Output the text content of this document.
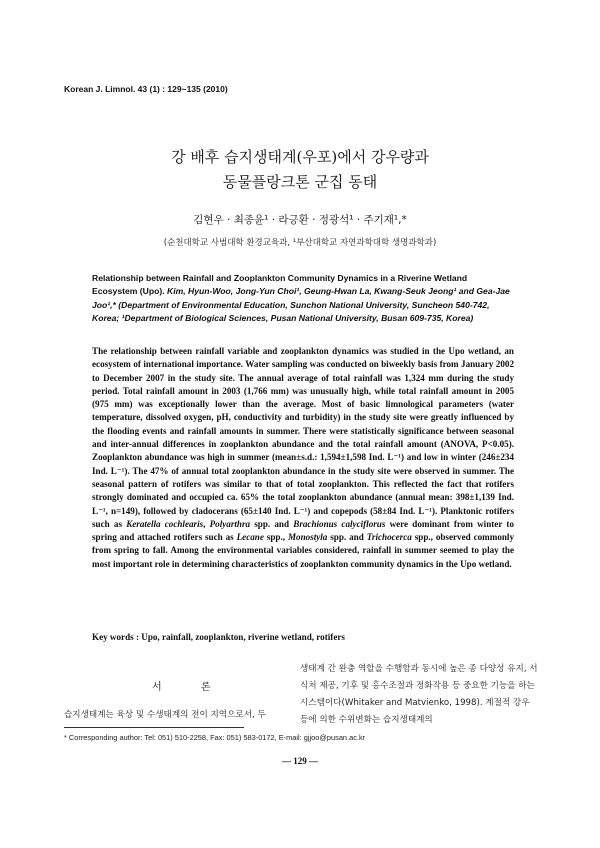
Korean J. Limnol. 43 (1) : 129~135 (2010)
강 배후 습지생태계(우포)에서 강우량과
동물플랑크톤 군집 동태
김현우 · 최종윤¹ · 라긍환 · 정광석¹ · 주기재¹,*
(순천대학교 사범대학 환경교육과, ¹부산대학교 자연과학대학 생명과학과)
Relationship between Rainfall and Zooplankton Community Dynamics in a Riverine Wetland Ecosystem (Upo). Kim, Hyun-Woo, Jong-Yun Choi¹, Geung-Hwan La, Kwang-Seuk Jeong¹ and Gea-Jae Joo¹,* (Department of Environmental Education, Sunchon National University, Suncheon 540-742, Korea; ¹Department of Biological Sciences, Pusan National University, Busan 609-735, Korea)
The relationship between rainfall variable and zooplankton dynamics was studied in the Upo wetland, an ecosystem of international importance. Water sampling was conducted on biweekly basis from January 2002 to December 2007 in the study site. The annual average of total rainfall was 1,324 mm during the study period. Total rainfall amount in 2003 (1,766 mm) was unusually high, while total rainfall amount in 2005 (975 mm) was exceptionally lower than the average. Most of basic limnological parameters (water temperature, dissolved oxygen, pH, conductivity and turbidity) in the study site were greatly influenced by the flooding events and rainfall amounts in summer. There were statistically significance between seasonal and inter-annual differences in zooplankton abundance and the total rainfall amount (ANOVA, P<0.05). Zooplankton abundance was high in summer (mean±s.d.: 1,594±1,598 Ind. L⁻¹) and low in winter (246±234 Ind. L⁻¹). The 47% of annual total zooplankton abundance in the study site were observed in summer. The seasonal pattern of rotifers was similar to that of total zooplankton. This reflected the fact that rotifers strongly dominated and occupied ca. 65% the total zooplankton abundance (annual mean: 398±1,139 Ind. L⁻¹, n=149), followed by cladocerans (65±140 Ind. L⁻¹) and copepods (58±84 Ind. L⁻¹). Planktonic rotifers such as Keratella cochlearis, Polyarthra spp. and Brachionus calyciflorus were dominant from winter to spring and attached rotifers such as Lecane spp., Monostyla spp. and Trichocerca spp., observed commonly from spring to fall. Among the environmental variables considered, rainfall in summer seemed to play the most important role in determining characteristics of zooplankton community dynamics in the Upo wetland.
Key words : Upo, rainfall, zooplankton, riverine wetland, rotifers
서 론
습지생태계는 육상 및 수생태계의 전이 지역으로서, 두
생태계 간 완충 역할을 수행함과 동시에 높은 종 다양성 유지, 서식처 제공, 기후 및 홍수조절과 정화작용 등 중요한 기능을 하는 시스템이다(Whitaker and Matvienko, 1998). 계절적 강우 등에 의한 수위변화는 습지생태계의
* Corresponding author: Tel: 051) 510-2258, Fax: 051) 583-0172, E-mail: gjjoo@pusan.ac.kr
— 129 —
